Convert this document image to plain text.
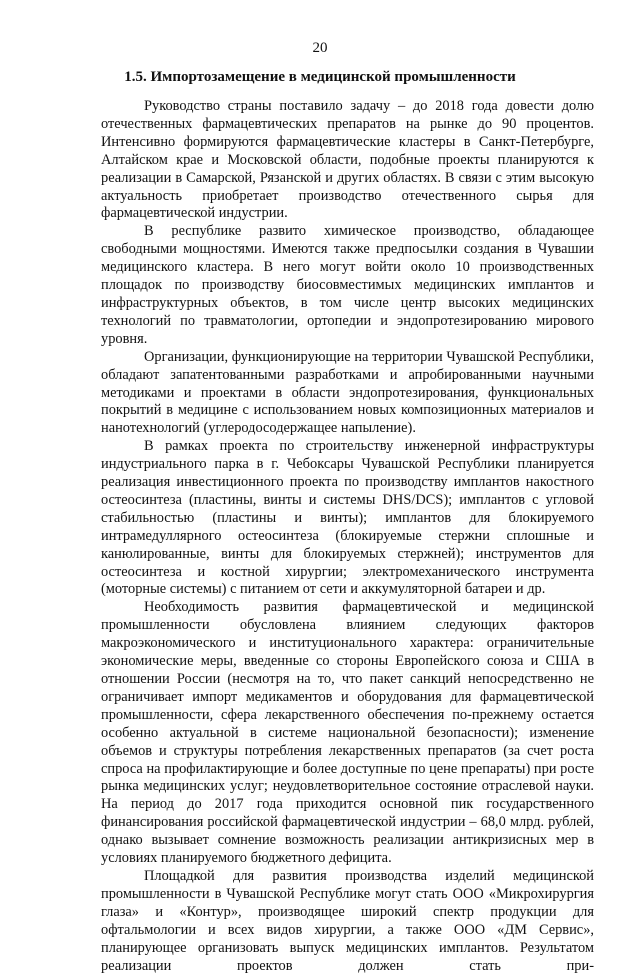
20
1.5. Импортозамещение в медицинской промышленности

Руководство страны поставило задачу – до 2018 года довести долю отечественных фармацевтических препаратов на рынке до 90 процентов. Интенсивно формируются фармацевтические кластеры в Санкт-Петербурге, Алтайском крае и Московской области, подобные проекты планируются к реализации в Самарской, Рязанской и других областях. В связи с этим высокую актуальность приобретает производство отечественного сырья для фармацевтической индустрии.

В республике развито химическое производство, обладающее свободными мощностями. Имеются также предпосылки создания в Чувашии медицинского кластера. В него могут войти около 10 производственных площадок по производству биосовместимых медицинских имплантов и инфраструктурных объектов, в том числе центр высоких медицинских технологий по травматологии, ортопедии и эндопротезированию мирового уровня.

Организации, функционирующие на территории Чувашской Республики, обладают запатентованными разработками и апробированными научными методиками и проектами в области эндопротезирования, функциональных покрытий в медицине с использованием новых композиционных материалов и нанотехнологий (углеродосодержащее напыление).

В рамках проекта по строительству инженерной инфраструктуры индустриального парка в г. Чебоксары Чувашской Республики планируется реализация инвестиционного проекта по производству имплантов накостного остеосинтеза (пластины, винты и системы DHS/DCS); имплантов с угловой стабильностью (пластины и винты); имплантов для блокируемого интрамедуллярного остеосинтеза (блокируемые стержни сплошные и канюлированные, винты для блокируемых стержней); инструментов для остеосинтеза и костной хирургии; электромеханического инструмента (моторные системы) с питанием от сети и аккумуляторной батареи и др.

Необходимость развития фармацевтической и медицинской промышленности обусловлена влиянием следующих факторов макроэкономического и институционального характера: ограничительные экономические меры, введенные со стороны Европейского союза и США в отношении России (несмотря на то, что пакет санкций непосредственно не ограничивает импорт медикаментов и оборудования для фармацевтической промышленности, сфера лекарственного обеспечения по-прежнему остается особенно актуальной в системе национальной безопасности); изменение объемов и структуры потребления лекарственных препаратов (за счет роста спроса на профилактирующие и более доступные по цене препараты) при росте рынка медицинских услуг; неудовлетворительное состояние отраслевой науки. На период до 2017 года приходится основной пик государственного финансирования российской фармацевтической индустрии – 68,0 млрд. рублей, однако вызывает сомнение возможность реализации антикризисных мер в условиях планируемого бюджетного дефицита.

Площадкой для развития производства изделий медицинской промышленности в Чувашской Республике могут стать ООО «Микрохирургия глаза» и «Контур», производящее широкий спектр продукции для офтальмологии и всех видов хирургии, а также ООО «ДМ Сервис», планирующее организовать выпуск медицинских имплантов. Результатом реализации проектов должен стать при-
